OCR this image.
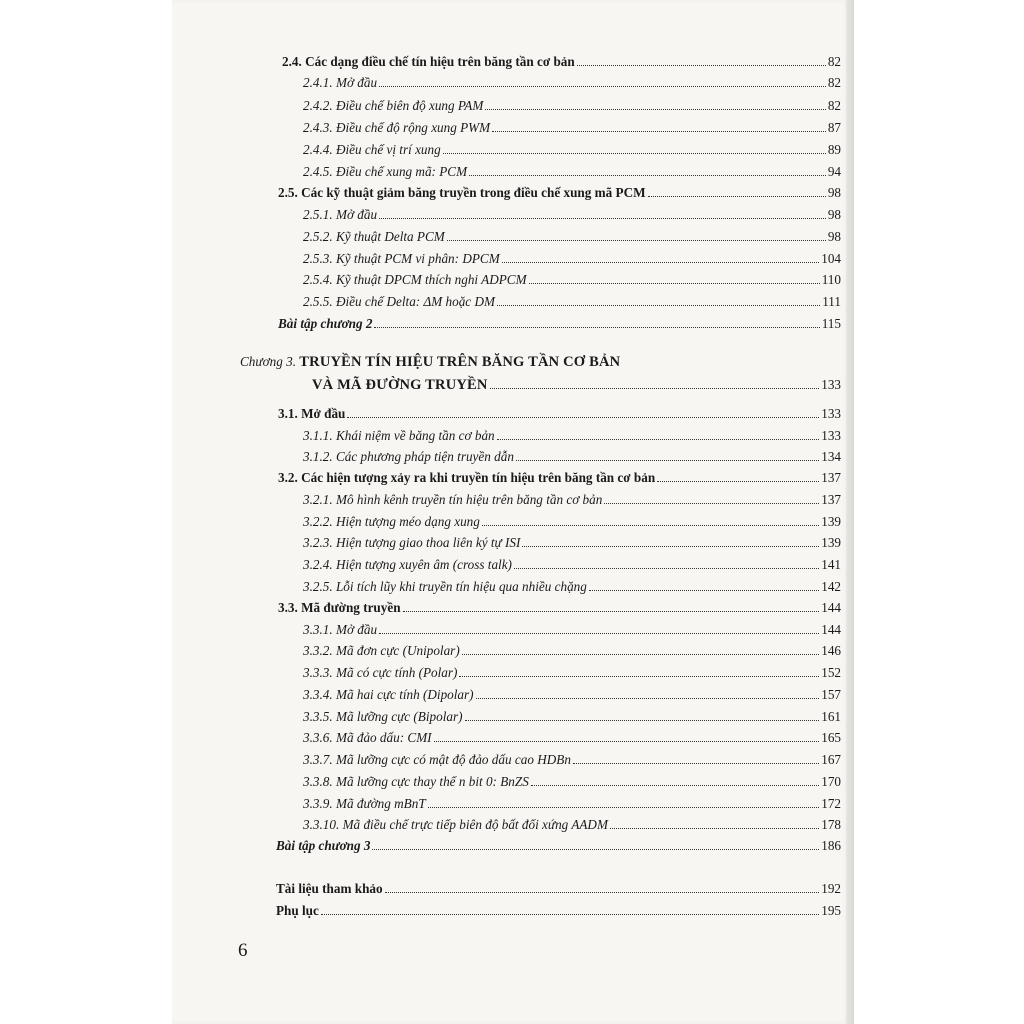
2.4. Các dạng điều chế tín hiệu trên băng tần cơ bản	82
2.4.1. Mở đầu	82
2.4.2. Điều chế biên độ xung PAM	82
2.4.3. Điều chế độ rộng xung PWM	87
2.4.4. Điều chế vị trí xung	89
2.4.5. Điều chế xung mã: PCM	94
2.5. Các kỹ thuật giảm băng truyền trong điều chế xung mã PCM	98
2.5.1. Mở đầu	98
2.5.2. Kỹ thuật Delta PCM	98
2.5.3. Kỹ thuật PCM vi phân: DPCM	104
2.5.4. Kỹ thuật DPCM thích nghi ADPCM	110
2.5.5. Điều chế Delta: ΔM hoặc DM	111
Bài tập chương 2	115
Chương 3. TRUYỀN TÍN HIỆU TRÊN BĂNG TẦN CƠ BẢN
VÀ MÃ ĐƯỜNG TRUYỀN	133
3.1. Mở đầu	133
3.1.1. Khái niệm về băng tần cơ bản	133
3.1.2. Các phương pháp tiện truyền dẫn	134
3.2. Các hiện tượng xảy ra khi truyền tín hiệu trên băng tần cơ bản	137
3.2.1. Mô hình kênh truyền tín hiệu trên băng tần cơ bản	137
3.2.2. Hiện tượng méo dạng xung	139
3.2.3. Hiện tượng giao thoa liên ký tự ISI	139
3.2.4. Hiện tượng xuyên âm (cross talk)	141
3.2.5. Lỗi tích lũy khi truyền tín hiệu qua nhiều chặng	142
3.3. Mã đường truyền	144
3.3.1. Mở đầu	144
3.3.2. Mã đơn cực (Unipolar)	146
3.3.3. Mã có cực tính (Polar)	152
3.3.4. Mã hai cực tính (Dipolar)	157
3.3.5. Mã lưỡng cực (Bipolar)	161
3.3.6. Mã đảo dấu: CMI	165
3.3.7. Mã lưỡng cực có mật độ đảo dấu cao HDBn	167
3.3.8. Mã lưỡng cực thay thế n bit 0: BnZS	170
3.3.9. Mã đường mBnT	172
3.3.10. Mã điều chế trực tiếp biên độ bất đối xứng AADM	178
Bài tập chương 3	186
Tài liệu tham khảo	192
Phụ lục	195
6
